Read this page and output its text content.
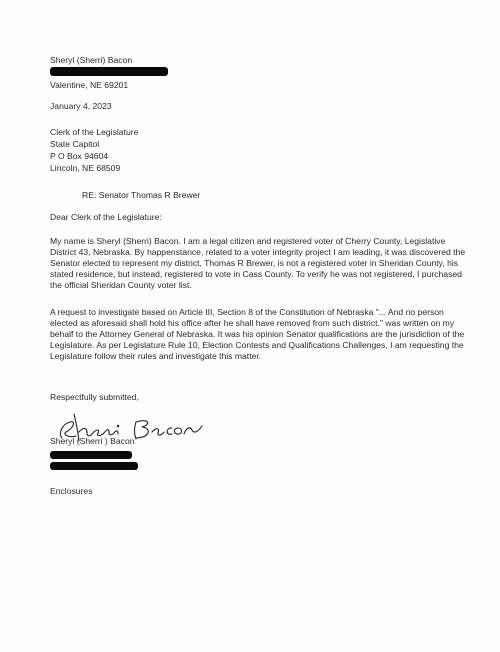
Sheryl (Sherri) Bacon
Valentine, NE 69201
January 4, 2023
Clerk of the Legislature
State Capitol
P O Box 94604
Lincoln, NE 68509
RE: Senator Thomas R Brewer
Dear Clerk of the Legislature:
My name is Sheryl (Sherri) Bacon. I am a legal citizen and registered voter of Cherry County, Legislative District 43, Nebraska. By happenstance, related to a voter integrity project I am leading, it was discovered the Senator elected to represent my district, Thomas R Brewer, is not a registered voter in Sheridan County, his stated residence, but instead, registered to vote in Cass County. To verify he was not registered, I purchased the official Sheridan County voter list.
A request to investigate based on Article III, Section 8 of the Constitution of Nebraska "... And no person elected as aforesaid shall hold his office after he shall have removed from such district." was written on my behalf to the Attorney General of Nebraska. It was his opinion Senator qualifications are the jurisdiction of the Legislature. As per Legislature Rule 10, Election Contests and Qualifications Challenges, I am requesting the Legislature follow their rules and investigate this matter.
Respectfully submitted,
Sheryl (Sherri ) Bacon
Enclosures
